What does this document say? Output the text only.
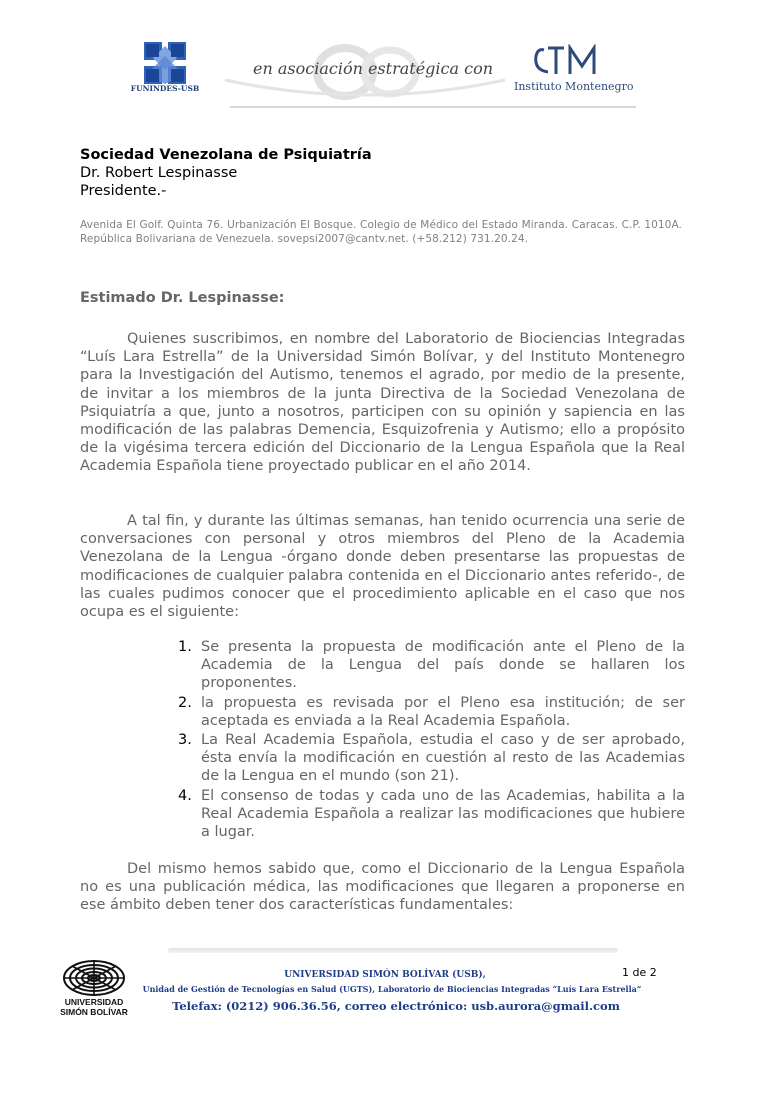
FUNINDES-USB
en asociación estratégica con
Instituto Montenegro
Sociedad Venezolana de Psiquiatría
Dr. Robert Lespinasse
Presidente.-
Avenida El Golf. Quinta 76. Urbanización El Bosque. Colegio de Médico del Estado Miranda. Caracas. C.P. 1010A. República Bolivariana de Venezuela. sovepsi2007@cantv.net. (+58.212) 731.20.24.
Estimado Dr. Lespinasse:

Quienes suscribimos, en nombre del Laboratorio de Biociencias Integradas “Luís Lara Estrella” de la Universidad Simón Bolívar, y del Instituto Montenegro para la Investigación del Autismo, tenemos el agrado, por medio de la presente, de invitar a los miembros de la junta Directiva de la Sociedad Venezolana de Psiquiatría a que, junto a nosotros, participen con su opinión y sapiencia en las modificación de las palabras Demencia, Esquizofrenia y Autismo; ello a propósito de la vigésima tercera edición del Diccionario de la Lengua Española que la Real Academia Española tiene proyectado publicar en el año 2014.

A tal fin, y durante las últimas semanas, han tenido ocurrencia una serie de conversaciones con personal y otros miembros del Pleno de la Academia Venezolana de la Lengua -órgano donde deben presentarse las propuestas de modificaciones de cualquier palabra contenida en el Diccionario antes referido-, de las cuales pudimos conocer que el procedimiento aplicable en el caso que nos ocupa es el siguiente:

1. Se presenta la propuesta de modificación ante el Pleno de la Academia de la Lengua del país donde se hallaren los proponentes.
2. la propuesta es revisada por el Pleno esa institución; de ser aceptada es enviada a la Real Academia Española.
3. La Real Academia Española, estudia el caso y de ser aprobado, ésta envía la modificación en cuestión al resto de las Academias de la Lengua en el mundo (son 21).
4. El consenso de todas y cada uno de las Academias, habilita a la Real Academia Española a realizar las modificaciones que hubiere a lugar.

Del mismo hemos sabido que, como el Diccionario de la Lengua Española no es una publicación médica, las modificaciones que llegaren a proponerse en ese ámbito deben tener dos características fundamentales:

UNIVERSIDAD
SIMÓN BOLÍVAR
UNIVERSIDAD SIMÓN BOLÍVAR (USB),
Unidad de Gestión de Tecnologías en Salud (UGTS), Laboratorio de Biociencias Integradas “Luís Lara Estrella”
Telefax: (0212) 906.36.56, correo electrónico: usb.aurora@gmail.com
1 de 2
